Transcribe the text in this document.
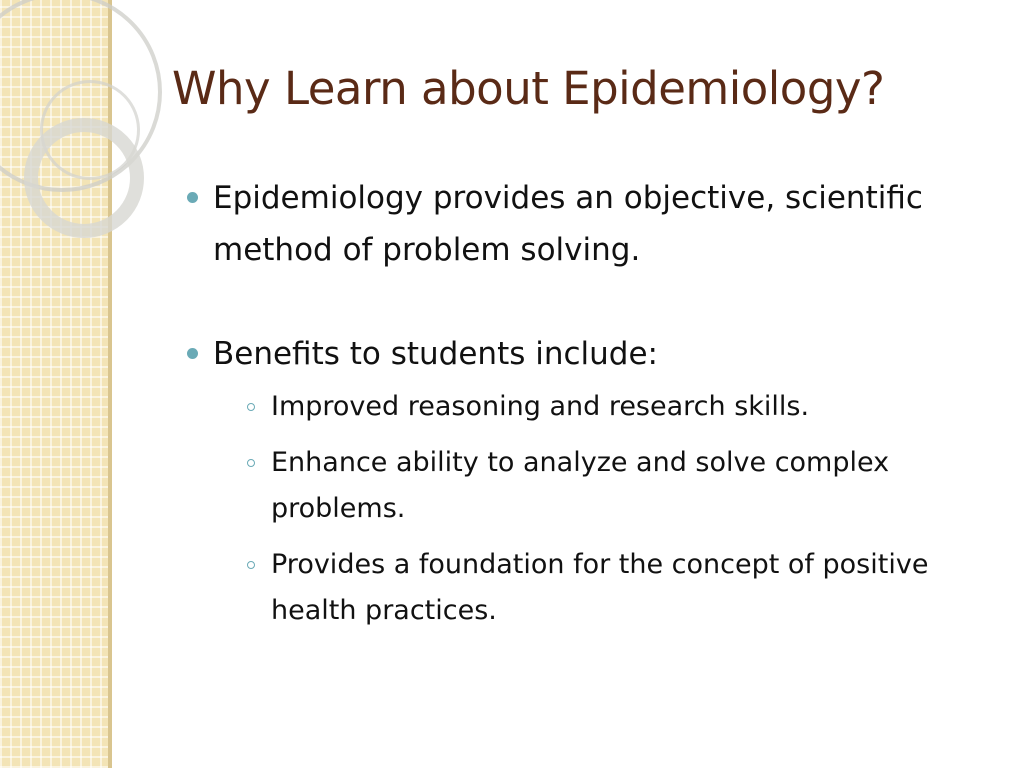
Why Learn about Epidemiology?
Epidemiology provides an objective, scientific method of problem solving.
Benefits to students include:
Improved reasoning and research skills.
Enhance ability to analyze and solve complex problems.
Provides a foundation for the concept of positive health practices.
